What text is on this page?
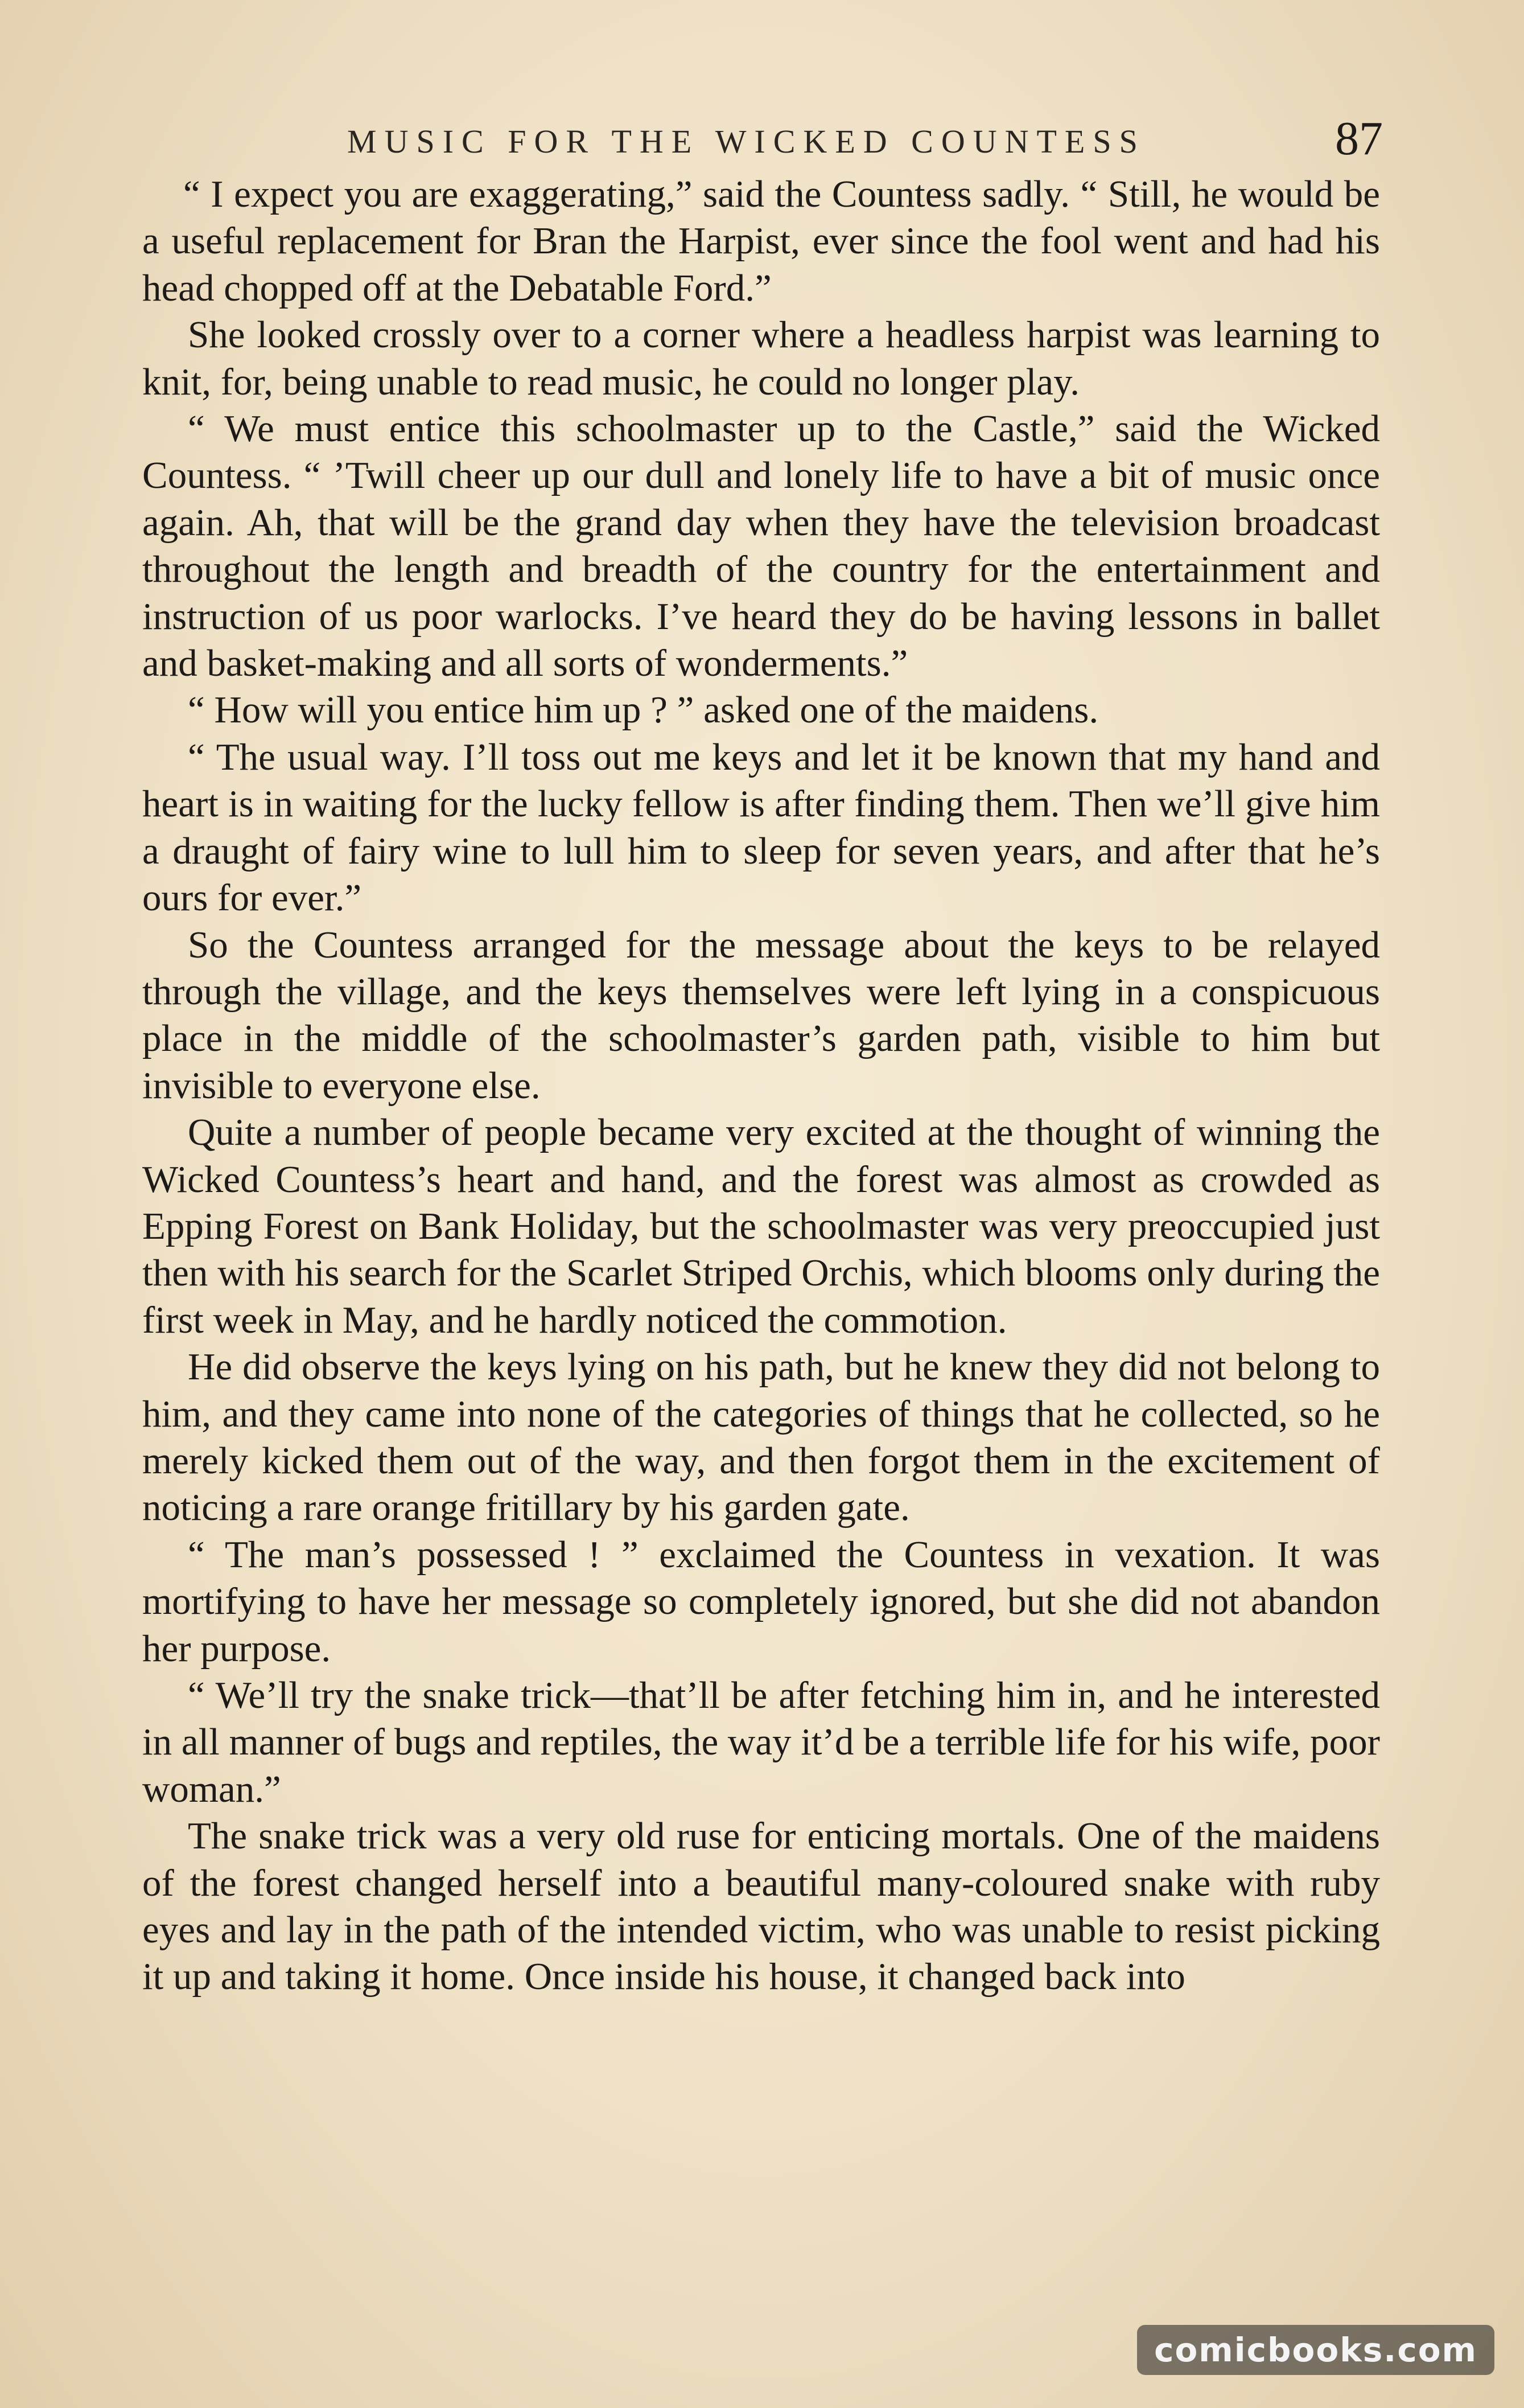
MUSIC FOR THE WICKED COUNTESS	87

“ I expect you are exaggerating,” said the Countess sadly. “ Still, he would be a useful replacement for Bran the Harpist, ever since the fool went and had his head chopped off at the Debatable Ford.”

She looked crossly over to a corner where a headless harpist was learning to knit, for, being unable to read music, he could no longer play.

“ We must entice this schoolmaster up to the Castle,” said the Wicked Countess. “ ’Twill cheer up our dull and lonely life to have a bit of music once again. Ah, that will be the grand day when they have the television broadcast throughout the length and breadth of the country for the entertainment and instruction of us poor warlocks. I’ve heard they do be having lessons in ballet and basket-making and all sorts of wonderments.”

“ How will you entice him up ? ” asked one of the maidens.

“ The usual way. I’ll toss out me keys and let it be known that my hand and heart is in waiting for the lucky fellow is after finding them. Then we’ll give him a draught of fairy wine to lull him to sleep for seven years, and after that he’s ours for ever.”

So the Countess arranged for the message about the keys to be relayed through the village, and the keys themselves were left lying in a conspicuous place in the middle of the schoolmaster’s garden path, visible to him but invisible to everyone else.

Quite a number of people became very excited at the thought of winning the Wicked Countess’s heart and hand, and the forest was almost as crowded as Epping Forest on Bank Holiday, but the schoolmaster was very preoccupied just then with his search for the Scarlet Striped Orchis, which blooms only during the first week in May, and he hardly noticed the commotion.

He did observe the keys lying on his path, but he knew they did not belong to him, and they came into none of the categories of things that he collected, so he merely kicked them out of the way, and then forgot them in the excitement of noticing a rare orange fritillary by his garden gate.

“ The man’s possessed ! ” exclaimed the Countess in vexation. It was mortifying to have her message so completely ignored, but she did not abandon her purpose.

“ We’ll try the snake trick—that’ll be after fetching him in, and he interested in all manner of bugs and reptiles, the way it’d be a terrible life for his wife, poor woman.”

The snake trick was a very old ruse for enticing mortals. One of the maidens of the forest changed herself into a beautiful many-coloured snake with ruby eyes and lay in the path of the intended victim, who was unable to resist picking it up and taking it home. Once inside his house, it changed back into

comicbooks.com
